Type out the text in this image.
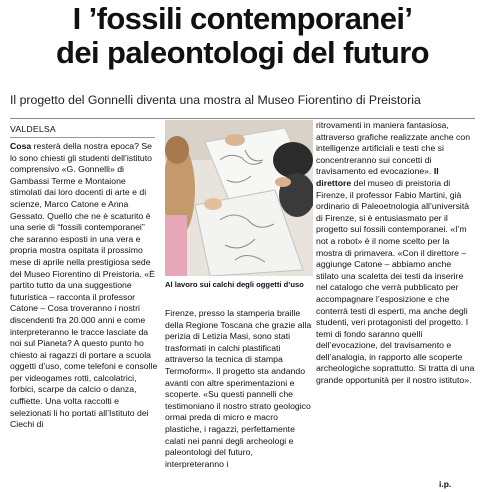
I ’fossili contemporanei’
dei paleontologi del futuro
Il progetto del Gonnelli diventa una mostra al Museo Fiorentino di Preistoria
VALDELSA

Cosa resterà della nostra epoca? Se lo sono chiesti gli studenti dell’istituto comprensivo «G. Gonnelli» di Gambassi Terme e Montaione stimolati dai loro docenti di arte e di scienze, Marco Catone e Anna Gessato. Quello che ne è scaturito è una serie di “fossili contemporanei” che saranno esposti in una vera e propria mostra ospitata il prossimo mese di aprile nella prestigiosa sede del Museo Fiorentino di Preistoria. «È partito tutto da una suggestione futuristica – racconta il professor Catone – Cosa troveranno i nostri discendenti fra 20.000 anni e come interpreteranno le tracce lasciate da noi sul Pianeta? A questo punto ho chiesto ai ragazzi di portare a scuola oggetti d’uso, come telefoni e consolle per videogames rotti, calcolatrici, forbici, scarpe da calcio o danza, cuffiette. Una volta raccolti e selezionati li ho portati all’Istituto dei Ciechi di

Al lavoro sui calchi degli oggetti d’uso

Firenze, presso la stamperia braille della Regione Toscana che grazie alla perizia di Letizia Masi, sono stati trasformati in calchi plastificati attraverso la tecnica di stampa Termoform». Il progetto sta andando avanti con altre sperimentazioni e scoperte. «Su questi pannelli che testimoniano il nostro strato geologico ormai preda di micro e macro plastiche, i ragazzi, perfettamente calati nei panni degli archeologi e paleontologi del futuro, interpreteranno i

ritrovamenti in maniera fantasiosa, attraverso grafiche realizzate anche con intelligenze artificiali e testi che si concentreranno sui concetti di travisamento ed evocazione». Il direttore del museo di preistoria di Firenze, il professor Fabio Martini, già ordinario di Paleoetnologia all’università di Firenze, si è entusiasmato per il progetto sui fossili contemporanei. «I’m not a robot» è il nome scelto per la mostra di primavera. «Con il direttore – aggiunge Catone – abbiamo anche stilato una scaletta dei testi da inserire nel catalogo che verrà pubblicato per accompagnare l’esposizione e che conterrà testi di esperti, ma anche degli studenti, veri protagonisti del progetto. I temi di fondo saranno quelli dell’evocazione, del travisamento e dell’analogia, in rapporto alle scoperte archeologiche soprattutto. Si tratta di una grande opportunità per il nostro istituto».

i.p.
